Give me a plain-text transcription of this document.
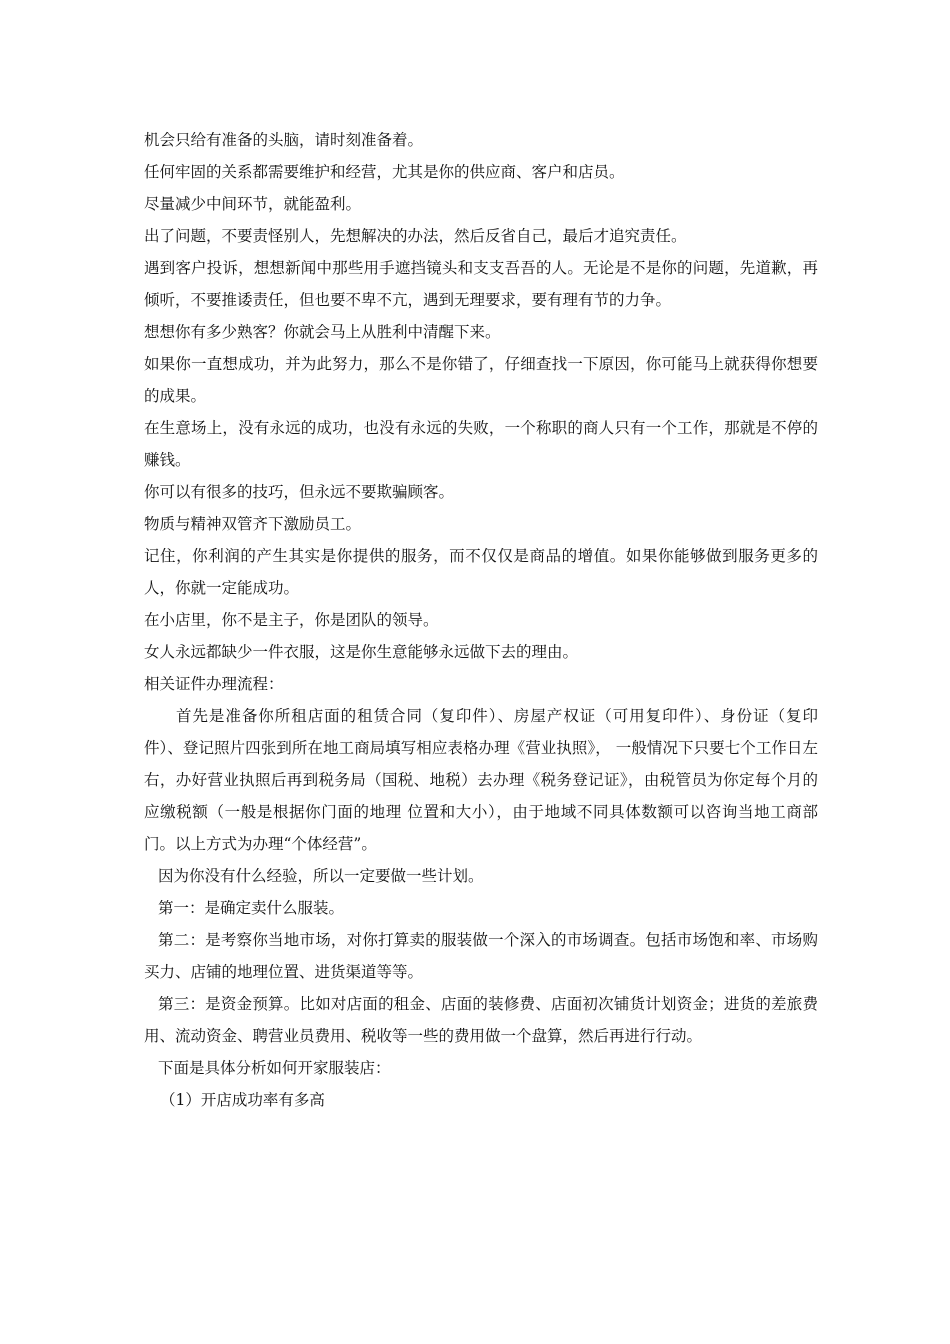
机会只给有准备的头脑，请时刻准备着。

任何牢固的关系都需要维护和经营，尤其是你的供应商、客户和店员。

尽量减少中间环节，就能盈利。

出了问题，不要责怪别人，先想解决的办法，然后反省自己，最后才追究责任。

遇到客户投诉，想想新闻中那些用手遮挡镜头和支支吾吾的人。无论是不是你的问题，先道歉，再倾听，不要推诿责任，但也要不卑不亢，遇到无理要求，要有理有节的力争。

想想你有多少熟客？你就会马上从胜利中清醒下来。

如果你一直想成功，并为此努力，那么不是你错了，仔细查找一下原因，你可能马上就获得你想要的成果。

在生意场上，没有永远的成功，也没有永远的失败，一个称职的商人只有一个工作，那就是不停的赚钱。

你可以有很多的技巧，但永远不要欺骗顾客。

物质与精神双管齐下激励员工。

记住，你利润的产生其实是你提供的服务，而不仅仅是商品的增值。如果你能够做到服务更多的人，你就一定能成功。

在小店里，你不是主子，你是团队的领导。

女人永远都缺少一件衣服，这是你生意能够永远做下去的理由。

相关证件办理流程：

首先是准备你所租店面的租赁合同（复印件）、房屋产权证（可用复印件）、身份证（复印件）、登记照片四张到所在地工商局填写相应表格办理《营业执照》， 一般情况下只要七个工作日左右，办好营业执照后再到税务局（国税、地税）去办理《税务登记证》，由税管员为你定每个月的应缴税额（一般是根据你门面的地理 位置和大小），由于地域不同具体数额可以咨询当地工商部门。以上方式为办理“个体经营”。

因为你没有什么经验，所以一定要做一些计划。

第一：是确定卖什么服装。

第二：是考察你当地市场，对你打算卖的服装做一个深入的市场调查。包括市场饱和率、市场购买力、店铺的地理位置、进货渠道等等。

第三：是资金预算。比如对店面的租金、店面的装修费、店面初次铺货计划资金；进货的差旅费用、流动资金、聘营业员费用、税收等一些的费用做一个盘算，然后再进行行动。

下面是具体分析如何开家服装店：

（1）开店成功率有多高
